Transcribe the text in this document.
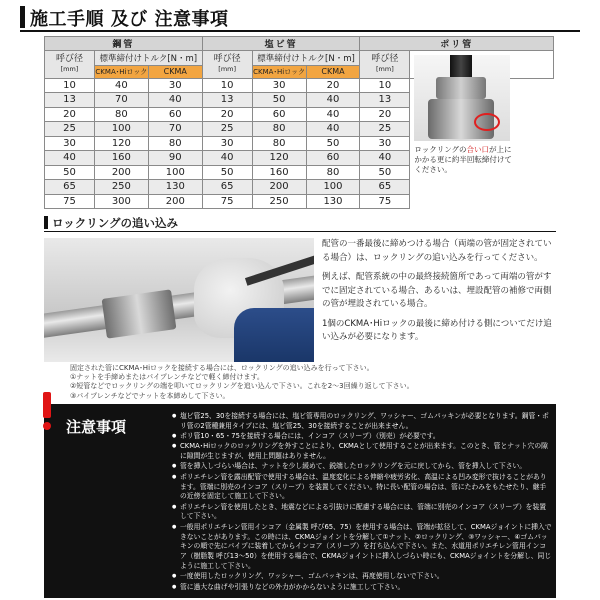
施工手順 及び 注意事項
鋼管			塩ビ管			ポリ管	
呼び径
[mm]	標準締付けトルク[N・m]		呼び径
[mm]	標準締付けトルク[N・m]		呼び径
[mm]	ロックリングの合い口が上にかかる更に約半回転締付けてください。

	CKMA･Hiロック	CKMA		CKMA･Hiロック	CKMA		
10	40	30	10	30	20	10	
13	70	40	13	50	40	13	
20	80	60	20	60	40	20	
25	100	70	25	80	40	25	
30	120	80	30	80	50	30	
40	160	90	40	120	60	40	
50	200	100	50	160	80	50	
65	250	130	65	200	100	65	
75	300	200	75	250	130	75	
ロックリングの追い込み

配管の一番最後に締めつける場合（両端の管が固定されている場合）は、ロックリングの追い込みを行ってください。

例えば、配管系統の中の最終接続箇所であって両端の管がすでに固定されている場合、あるいは、埋設配管の補修で両側の管が埋設されている場合。

1個のCKMA･Hiロックの最後に締め付ける側についてだけ追い込みが必要になります。

固定された管にCKMA･Hiロックを接続する場合には、ロックリングの追い込みを行って下さい。
①ナットを手締めまたはパイプレンチなどで軽く締付けます。
②短管などでロックリングの端を叩いてロックリングを追い込んで下さい。これを2〜3回繰り返して下さい。
③パイプレンチなどでナットを本締めして下さい。
注意事項
● 塩ビ管25、30を接続する場合には、塩ビ管専用のロックリング、ワッシャー、ゴムパッキンが必要となります。鋼管・ポリ管の2管種兼用タイプには、塩ビ管25、30を接続することが出来ません。
● ポリ管10・65・75を接続する場合には、インコア（スリーブ）（別売）が必要です。
● CKMA･Hiロックのロックリングを外すことにより、CKMAとして使用することが出来ます。このとき、管とナット穴の隙に隙間が生じますが、使用上問題はありません。
● 管を挿入しづらい場合は、ナットを少し緩めて、鋭端したロックリングを元に戻してから、管を挿入して下さい。
● ポリエチレン管を露出配管で使用する場合は、温度変化による伸縮や疲労劣化、高温による凹み変形で抜けることがあります。管端に別売のインコア（スリーブ）を装置してください。特に長い配管の場合は、管にたわみをもたせたり、継手の近傍を固定して施工して下さい。
● ポリエチレン管を使用したとき、地震などによる引抜けに配慮する場合には、管端に別売のインコア（スリーブ）を装置して下さい。
● 一般用ポリエチレン管用インコア（金属製 呼び65、75）を使用する場合は、管端が拡径して、CKMAジョイントに挿入できないことがあります。この時には、CKMAジョイントを分解して①ナット、②ロックリング、③ワッシャー、④ゴムパッキンの順で先にパイプに装着してからインコア（スリーブ）を打ち込んで下さい。また、水道用ポリエチレン管用インコア（樹脂製 呼び13〜50）を使用する場合で、CKMAジョイントに挿入しづらい時にも、CKMAジョイントを分解し、同じように施工して下さい。
● 一度使用したロックリング、ワッシャー、ゴムパッキンは、再度使用しないで下さい。
● 管に過大な曲げや引張りなどの外力がかからないように施工して下さい。
